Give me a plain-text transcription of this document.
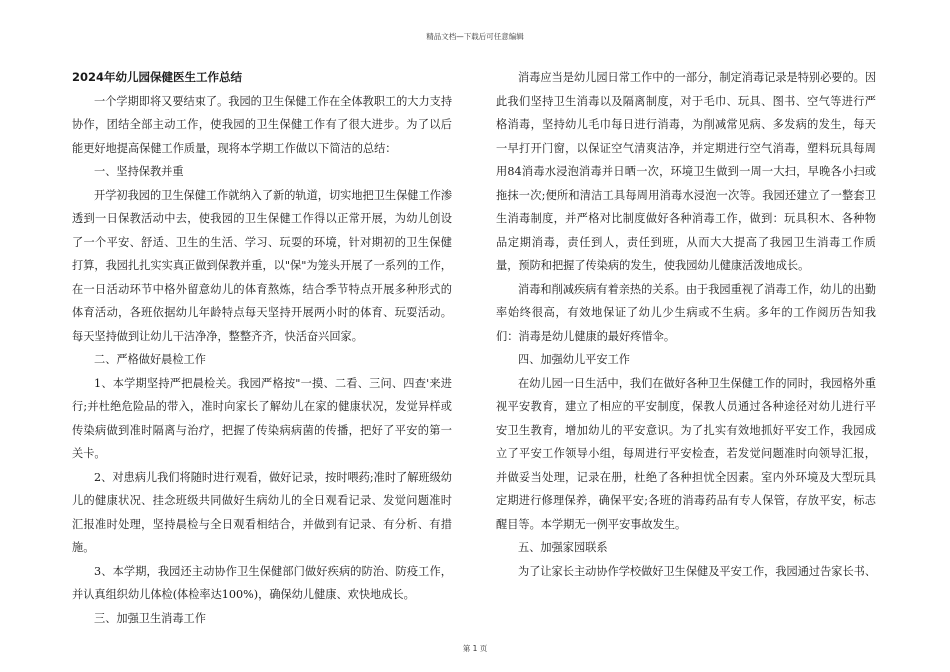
精品文档—下载后可任意编辑
2024年幼儿园保健医生工作总结

一个学期即将又要结束了。我园的卫生保健工作在全体教职工的大力支持协作，团结全部主动工作，使我园的卫生保健工作有了很大进步。为了以后能更好地提高保健工作质量，现将本学期工作做以下简洁的总结：

一、坚持保教并重

开学初我园的卫生保健工作就纳入了新的轨道，切实地把卫生保健工作渗透到一日保教活动中去，使我园的卫生保健工作得以正常开展，为幼儿创设了一个平安、舒适、卫生的生活、学习、玩耍的环境，针对期初的卫生保健打算，我园扎扎实实真正做到保教并重，以"保"为笼头开展了一系列的工作，在一日活动环节中格外留意幼儿的体育熬炼，结合季节特点开展多种形式的体育活动，各班依据幼儿年龄特点每天坚持开展两小时的体育、玩耍活动。每天坚持做到让幼儿干洁净净，整整齐齐，快活奋兴回家。

二、严格做好晨检工作

1、本学期坚持严把晨检关。我园严格按"一摸、二看、三问、四查'来进行;并杜绝危险品的带入，准时向家长了解幼儿在家的健康状况，发觉异样或传染病做到准时隔离与治疗，把握了传染病病菌的传播，把好了平安的第一关卡。

2、对患病儿我们将随时进行观看，做好记录，按时喂药;准时了解班级幼儿的健康状况、挂念班级共同做好生病幼儿的全日观看记录、发觉问题准时汇报准时处理，坚持晨检与全日观看相结合，并做到有记录、有分析、有措施。

3、本学期，我园还主动协作卫生保健部门做好疾病的防治、防疫工作，并认真组织幼儿体检(体检率达100%)，确保幼儿健康、欢快地成长。

三、加强卫生消毒工作

消毒应当是幼儿园日常工作中的一部分，制定消毒记录是特别必要的。因此我们坚持卫生消毒以及隔离制度，对于毛巾、玩具、图书、空气等进行严格消毒，坚持幼儿毛巾每日进行消毒，为削减常见病、多发病的发生，每天一早打开门窗，以保证空气清爽洁净，并定期进行空气消毒，塑料玩具每周用84消毒水浸泡消毒并日晒一次，环境卫生做到一周一大扫，早晚各小扫或拖抹一次;便所和清洁工具每周用消毒水浸泡一次等。我园还建立了一整套卫生消毒制度，并严格对比制度做好各种消毒工作，做到：玩具积木、各种物品定期消毒，责任到人，责任到班，从而大大提高了我园卫生消毒工作质量，预防和把握了传染病的发生，使我园幼儿健康活泼地成长。

消毒和削减疾病有着亲热的关系。由于我园重视了消毒工作，幼儿的出勤率始终很高，有效地保证了幼儿少生病或不生病。多年的工作阅历告知我们：消毒是幼儿健康的最好疼惜伞。

四、加强幼儿平安工作

在幼儿园一日生活中，我们在做好各种卫生保健工作的同时，我园格外重视平安教育，建立了相应的平安制度，保教人员通过各种途径对幼儿进行平安卫生教育，增加幼儿的平安意识。为了扎实有效地抓好平安工作，我园成立了平安工作领导小组，每周进行平安检查，若发觉问题准时向领导汇报，并做妥当处理，记录在册，杜绝了各种担忧全因素。室内外环境及大型玩具定期进行修理保养，确保平安;各班的消毒药品有专人保管，存放平安，标志醒目等。本学期无一例平安事故发生。

五、加强家园联系

为了让家长主动协作学校做好卫生保健及平安工作，我园通过告家长书、

第 1 页
